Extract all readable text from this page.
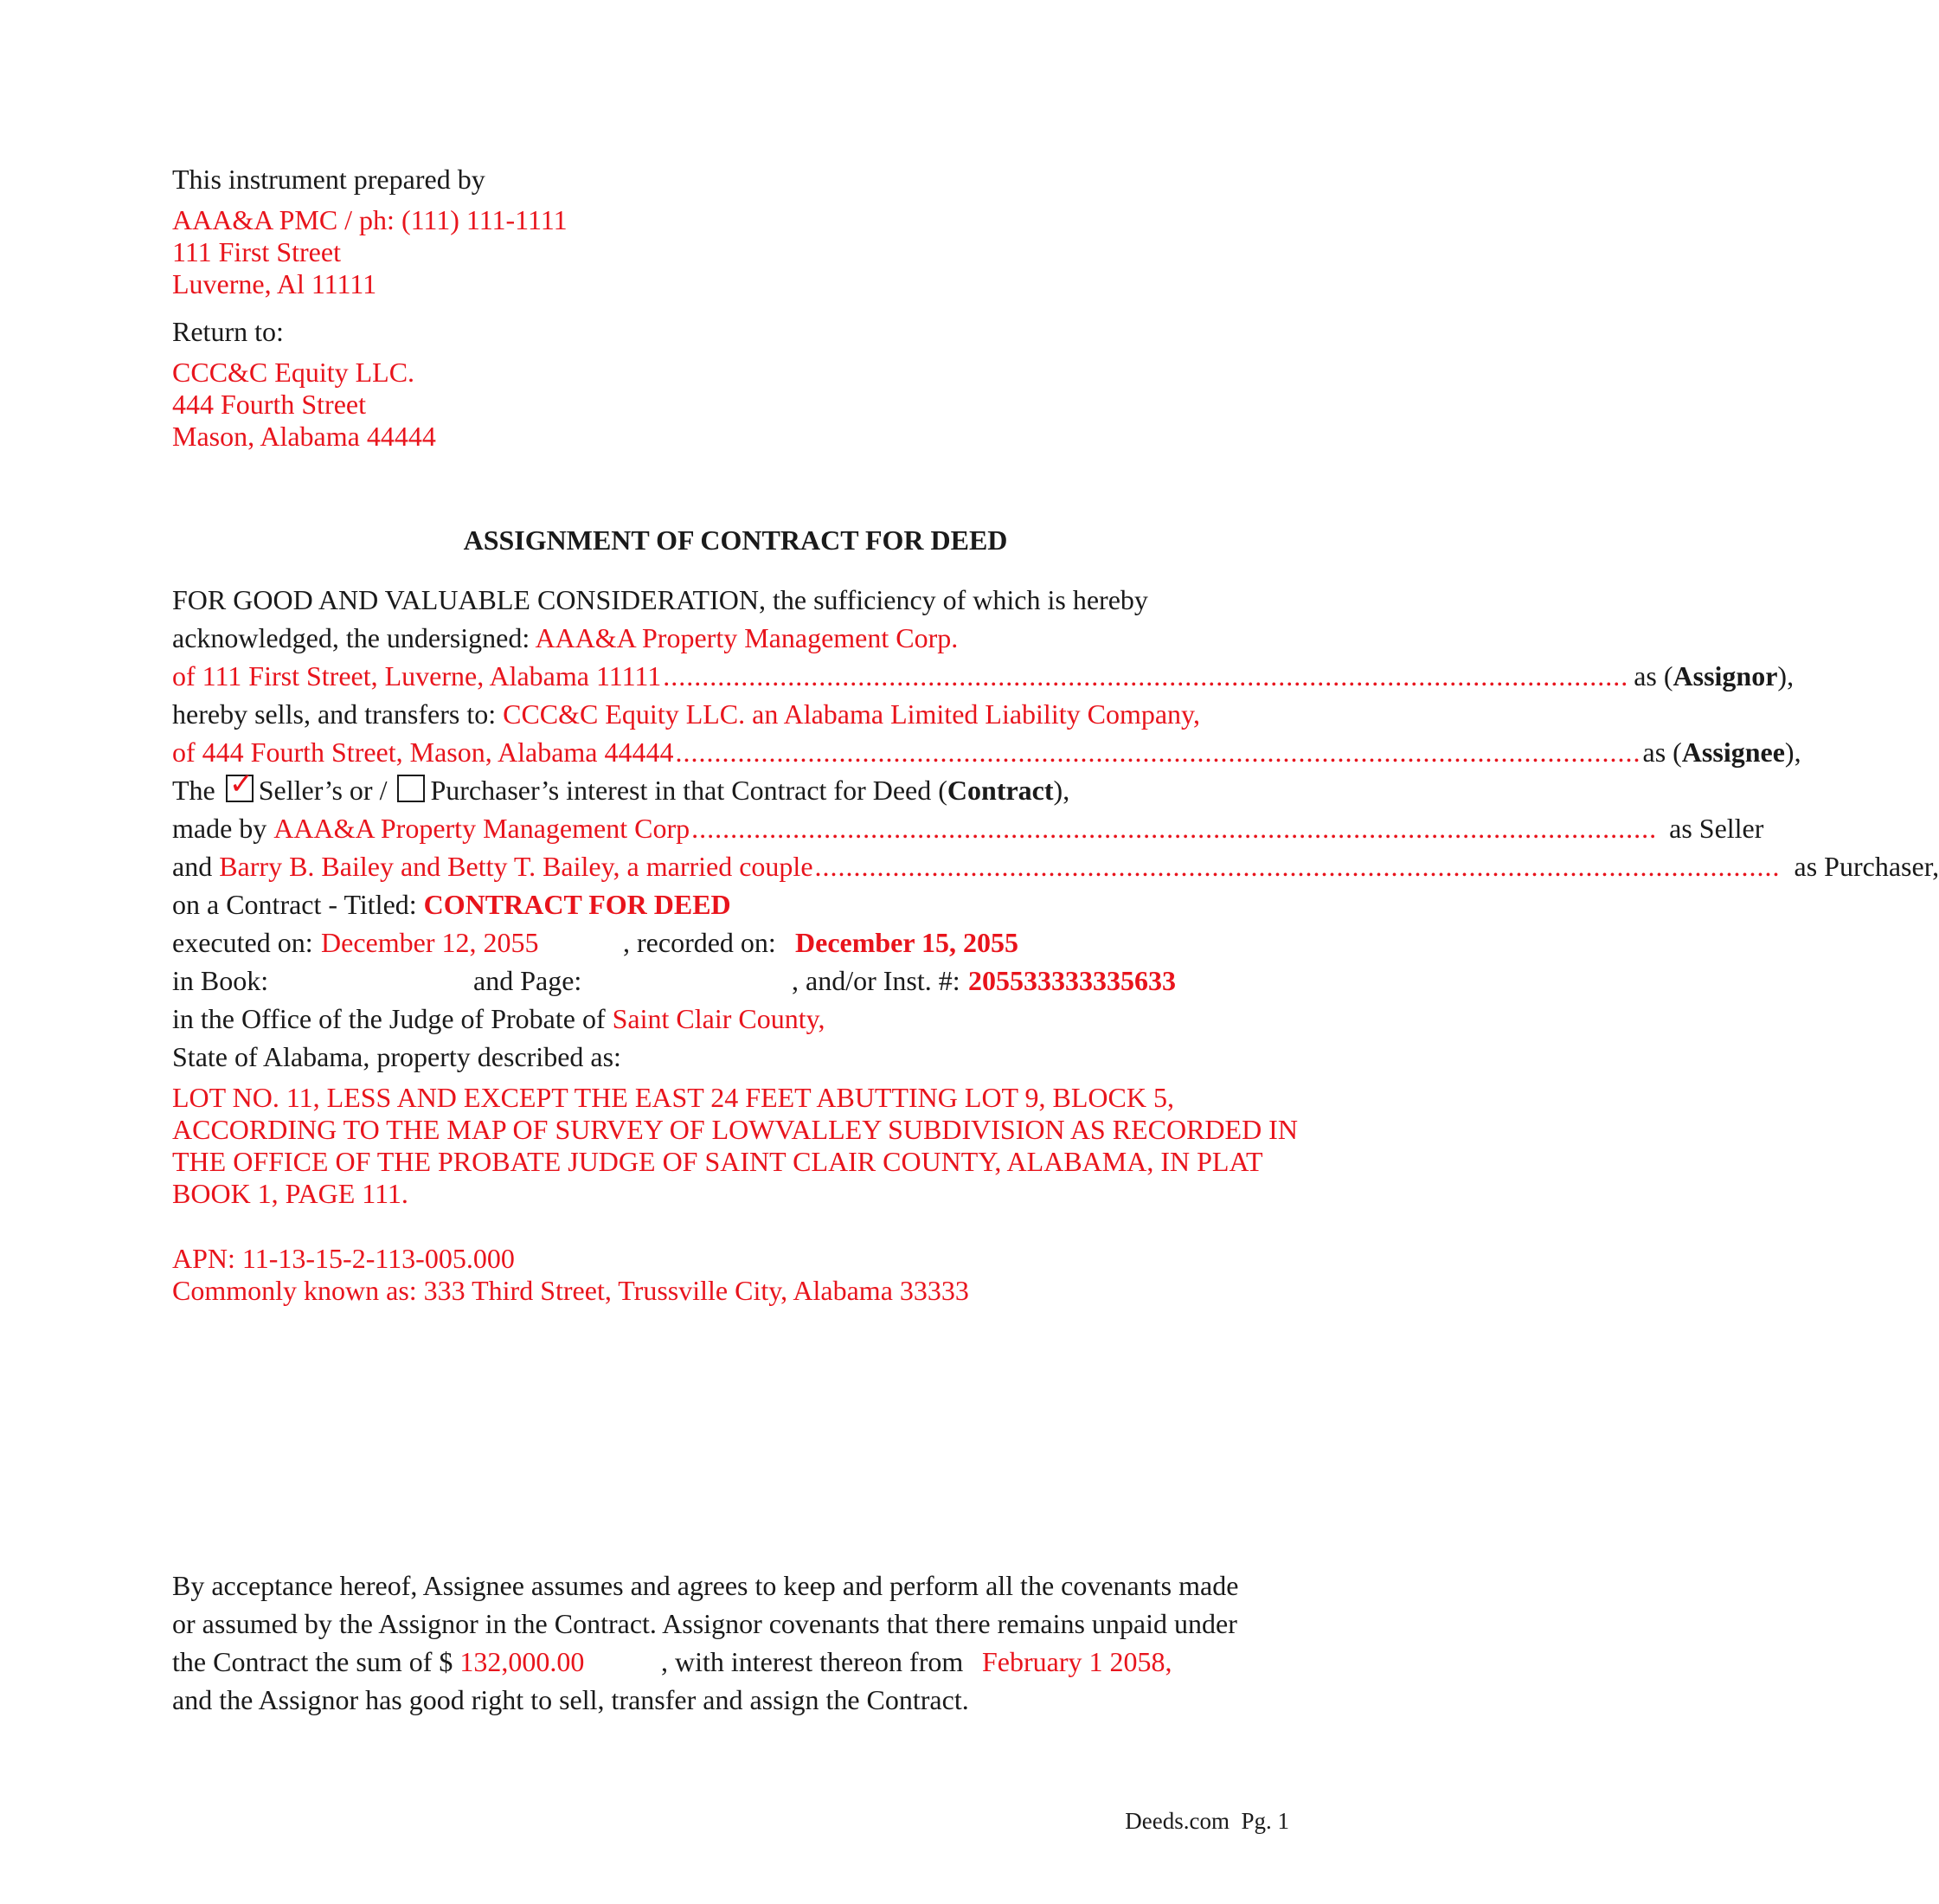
This instrument prepared by
AAA&A PMC / ph: (111) 111-1111
111 First Street
Luverne, Al 11111
Return to:
CCC&C Equity LLC.
444 Fourth Street
Mason, Alabama 44444
ASSIGNMENT OF CONTRACT FOR DEED
FOR GOOD AND VALUABLE CONSIDERATION, the sufficiency of which is hereby
acknowledged, the undersigned: AAA&A Property Management Corp.
of 111 First Street, Luverne, Alabama 11111 ............................................................................................................................ as (Assignor),
hereby sells, and transfers to: CCC&C Equity LLC. an Alabama Limited Liability Company,
of 444 Fourth Street, Mason, Alabama 44444 ............................................................................................................................ as (Assignee),
The ✓ Seller’s or / Purchaser’s interest in that Contract for Deed (Contract),
made by AAA&A Property Management Corp ............................................................................................................................ as Seller
and Barry B. Bailey and Betty T. Bailey, a married couple ............................................................................................................................ as Purchaser,
on a Contract - Titled: CONTRACT FOR DEED
executed on: December 12, 2055	, recorded on: December 15, 2055
in Book:	and Page:	, and/or Inst. #: 205533333335633
in the Office of the Judge of Probate of Saint Clair County,
State of Alabama, property described as:
LOT NO. 11, LESS AND EXCEPT THE EAST 24 FEET ABUTTING LOT 9, BLOCK 5, ACCORDING TO THE MAP OF SURVEY OF LOWVALLEY SUBDIVISION AS RECORDED IN THE OFFICE OF THE PROBATE JUDGE OF SAINT CLAIR COUNTY, ALABAMA, IN PLAT BOOK 1, PAGE 111.
APN: 11-13-15-2-113-005.000
Commonly known as: 333 Third Street, Trussville City, Alabama 33333
By acceptance hereof, Assignee assumes and agrees to keep and perform all the covenants made
or assumed by the Assignor in the Contract. Assignor covenants that there remains unpaid under
the Contract the sum of $ 132,000.00	, with interest thereon from February 1 2058,
and the Assignor has good right to sell, transfer and assign the Contract.
Deeds.com  Pg. 1
